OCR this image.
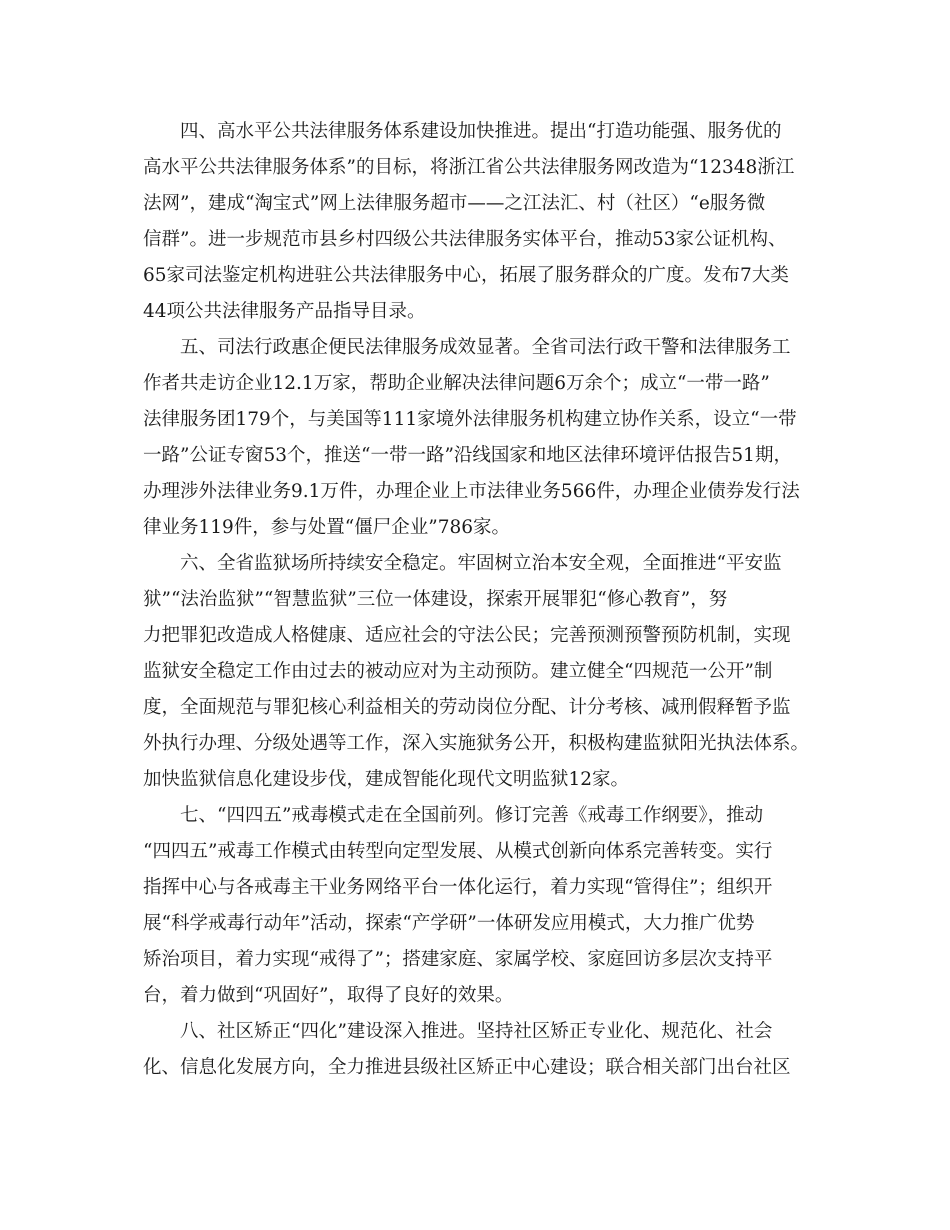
四、高水平公共法律服务体系建设加快推进。提出“打造功能强、服务优的
高水平公共法律服务体系”的目标，将浙江省公共法律服务网改造为“12348浙江
法网”，建成“淘宝式”网上法律服务超市——之江法汇、村（社区）“e服务微
信群”。进一步规范市县乡村四级公共法律服务实体平台，推动53家公证机构、
65家司法鉴定机构进驻公共法律服务中心，拓展了服务群众的广度。发布7大类
44项公共法律服务产品指导目录。
五、司法行政惠企便民法律服务成效显著。全省司法行政干警和法律服务工
作者共走访企业12.1万家，帮助企业解决法律问题6万余个；成立“一带一路”
法律服务团179个，与美国等111家境外法律服务机构建立协作关系，设立“一带
一路”公证专窗53个，推送“一带一路”沿线国家和地区法律环境评估报告51期，
办理涉外法律业务9.1万件，办理企业上市法律业务566件，办理企业债券发行法
律业务119件，参与处置“僵尸企业”786家。
六、全省监狱场所持续安全稳定。牢固树立治本安全观，全面推进“平安监
狱”“法治监狱”“智慧监狱”三位一体建设，探索开展罪犯“修心教育”，努
力把罪犯改造成人格健康、适应社会的守法公民；完善预测预警预防机制，实现
监狱安全稳定工作由过去的被动应对为主动预防。建立健全“四规范一公开”制
度，全面规范与罪犯核心利益相关的劳动岗位分配、计分考核、减刑假释暂予监
外执行办理、分级处遇等工作，深入实施狱务公开，积极构建监狱阳光执法体系。
加快监狱信息化建设步伐，建成智能化现代文明监狱12家。
七、“四四五”戒毒模式走在全国前列。修订完善《戒毒工作纲要》，推动
“四四五”戒毒工作模式由转型向定型发展、从模式创新向体系完善转变。实行
指挥中心与各戒毒主干业务网络平台一体化运行，着力实现“管得住”；组织开
展“科学戒毒行动年”活动，探索“产学研”一体研发应用模式，大力推广优势
矫治项目，着力实现“戒得了”；搭建家庭、家属学校、家庭回访多层次支持平
台，着力做到“巩固好”，取得了良好的效果。
八、社区矫正“四化”建设深入推进。坚持社区矫正专业化、规范化、社会
化、信息化发展方向，全力推进县级社区矫正中心建设；联合相关部门出台社区
